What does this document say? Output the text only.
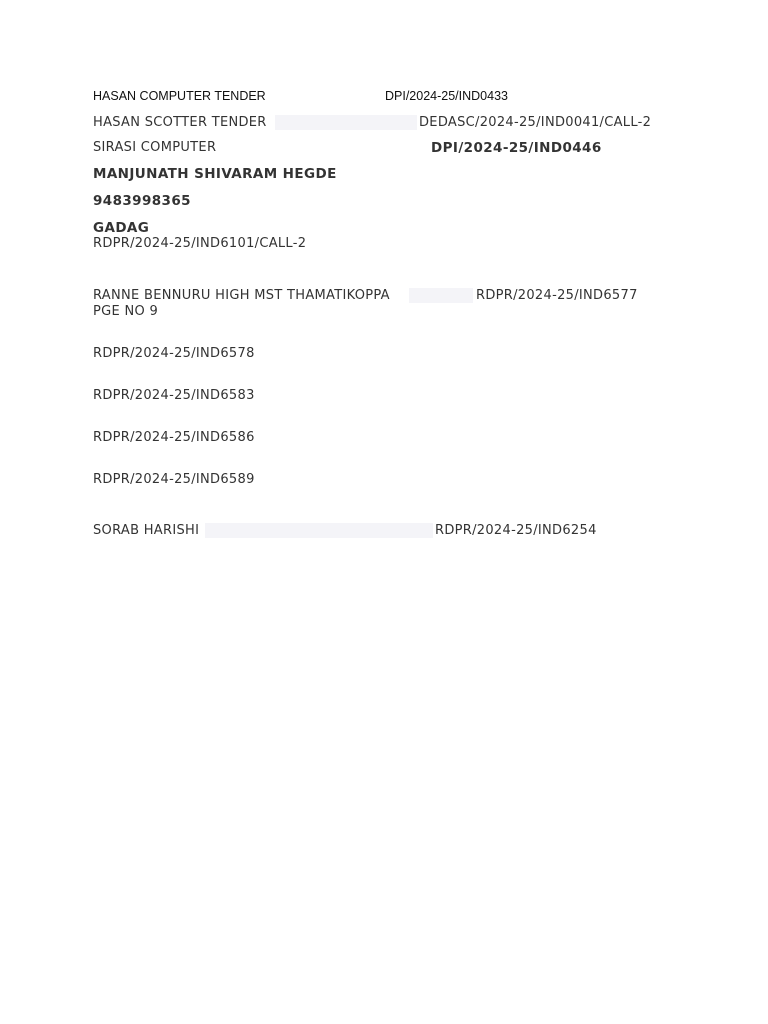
HASAN COMPUTER TENDER	DPI/2024-25/IND0433
HASAN SCOTTER TENDER	DEDASC/2024-25/IND0041/CALL-2
SIRASI COMPUTER	DPI/2024-25/IND0446
MANJUNATH SHIVARAM HEGDE
9483998365
GADAG
RDPR/2024-25/IND6101/CALL-2
RANNE BENNURU HIGH MST THAMATIKOPPA	RDPR/2024-25/IND6577
PGE NO 9
RDPR/2024-25/IND6578
RDPR/2024-25/IND6583
RDPR/2024-25/IND6586
RDPR/2024-25/IND6589
SORAB HARISHI	RDPR/2024-25/IND6254
